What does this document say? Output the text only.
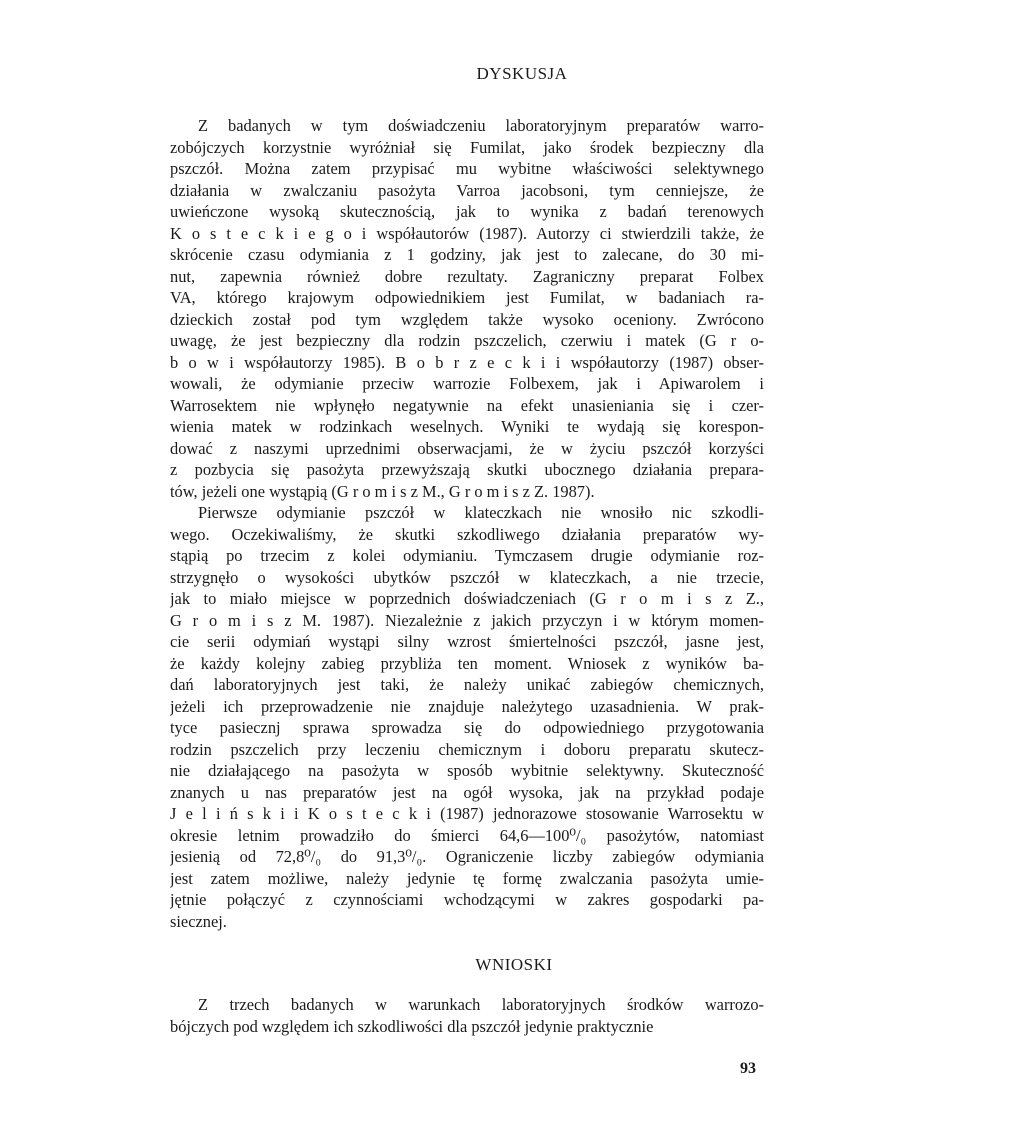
DYSKUSJA
Z badanych w tym doświadczeniu laboratoryjnym preparatów warro-
zobójczych korzystnie wyróżniał się Fumilat, jako środek bezpieczny dla
pszczół. Można zatem przypisać mu wybitne właściwości selektywnego
działania w zwalczaniu pasożyta Varroa jacobsoni, tym cenniejsze, że
uwieńczone wysoką skutecznością, jak to wynika z badań terenowych
K o s t e c k i e g o i współautorów (1987). Autorzy ci stwierdzili także, że
skrócenie czasu odymiania z 1 godziny, jak jest to zalecane, do 30 mi-
nut, zapewnia również dobre rezultaty. Zagraniczny preparat Folbex
VA, którego krajowym odpowiednikiem jest Fumilat, w badaniach ra-
dzieckich został pod tym względem także wysoko oceniony. Zwrócono
uwagę, że jest bezpieczny dla rodzin pszczelich, czerwiu i matek (G r o-
b o w i współautorzy 1985). B o b r z e c k i i współautorzy (1987) obser-
wowali, że odymianie przeciw warrozie Folbexem, jak i Apiwarolem i
Warrosektem nie wpłynęło negatywnie na efekt unasieniania się i czer-
wienia matek w rodzinkach weselnych. Wyniki te wydają się korespon-
dować z naszymi uprzednimi obserwacjami, że w życiu pszczół korzyści
z pozbycia się pasożyta przewyższają skutki ubocznego działania prepara-
tów, jeżeli one wystąpią (G r o m i s z M., G r o m i s z Z. 1987).
Pierwsze odymianie pszczół w klateczkach nie wnosiło nic szkodli-
wego. Oczekiwaliśmy, że skutki szkodliwego działania preparatów wy-
stąpią po trzecim z kolei odymianiu. Tymczasem drugie odymianie roz-
strzygnęło o wysokości ubytków pszczół w klateczkach, a nie trzecie,
jak to miało miejsce w poprzednich doświadczeniach (G r o m i s z Z.,
G r o m i s z M. 1987). Niezależnie z jakich przyczyn i w którym momen-
cie serii odymiań wystąpi silny wzrost śmiertelności pszczół, jasne jest,
że każdy kolejny zabieg przybliża ten moment. Wniosek z wyników ba-
dań laboratoryjnych jest taki, że należy unikać zabiegów chemicznych,
jeżeli ich przeprowadzenie nie znajduje należytego uzasadnienia. W prak-
tyce pasiecznj sprawa sprowadza się do odpowiedniego przygotowania
rodzin pszczelich przy leczeniu chemicznym i doboru preparatu skutecz-
nie działającego na pasożyta w sposób wybitnie selektywny. Skuteczność
znanych u nas preparatów jest na ogół wysoka, jak na przykład podaje
J e l i ń s k i i K o s t e c k i (1987) jednorazowe stosowanie Warrosektu w
okresie letnim prowadziło do śmierci 64,6—100⁰/₀ pasożytów, natomiast
jesienią od 72,8⁰/₀ do 91,3⁰/₀. Ograniczenie liczby zabiegów odymiania
jest zatem możliwe, należy jedynie tę formę zwalczania pasożyta umie-
jętnie połączyć z czynnościami wchodzącymi w zakres gospodarki pa-
siecznej.
WNIOSKI
Z trzech badanych w warunkach laboratoryjnych środków warrozo-
bójczych pod względem ich szkodliwości dla pszczół jedynie praktycznie
93
